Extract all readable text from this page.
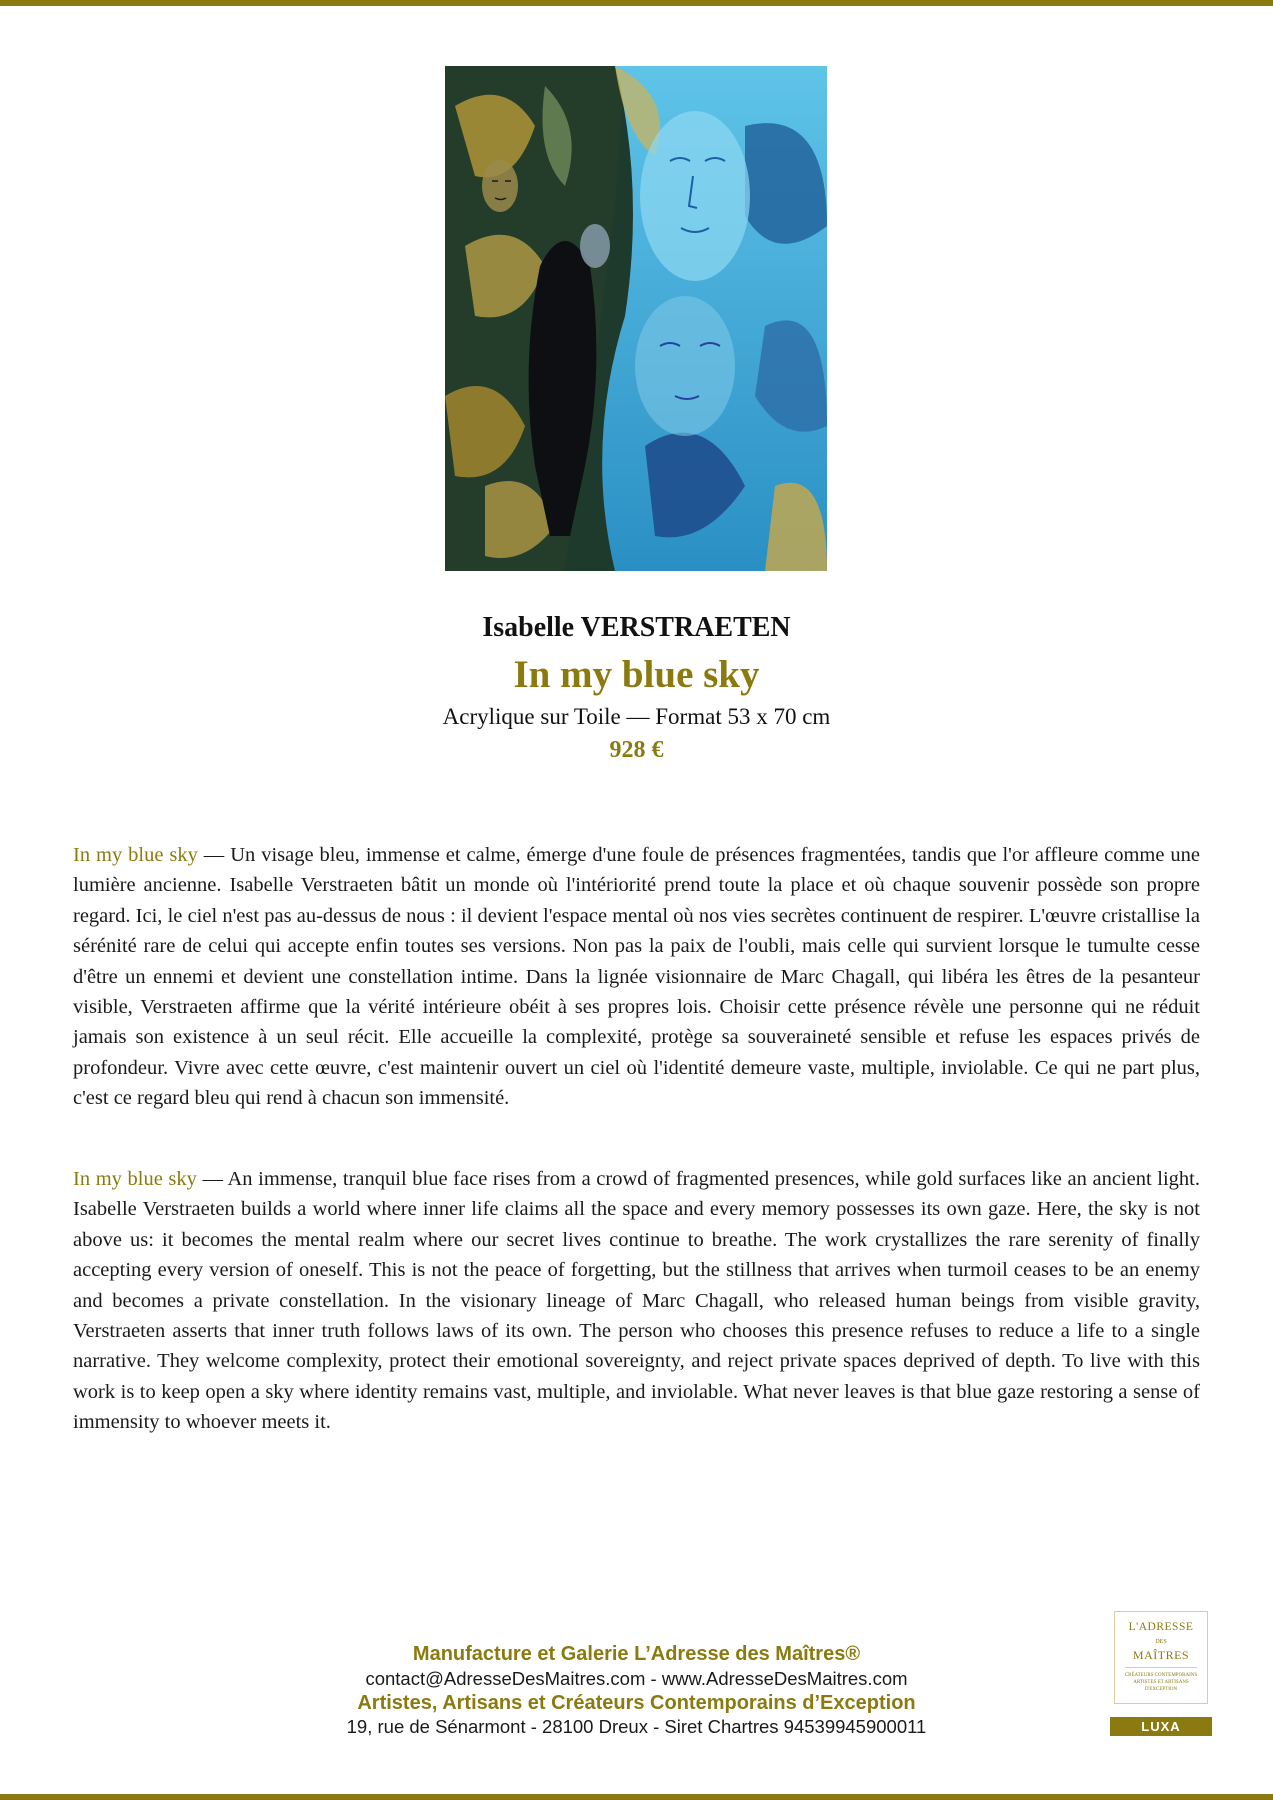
Isabelle VERSTRAETEN
In my blue sky
Acrylique sur Toile — Format 53 x 70 cm
928 €

In my blue sky — Un visage bleu, immense et calme, émerge d'une foule de présences fragmentées, tandis que l'or affleure comme une lumière ancienne. Isabelle Verstraeten bâtit un monde où l'intériorité prend toute la place et où chaque souvenir possède son propre regard. Ici, le ciel n'est pas au-dessus de nous : il devient l'espace mental où nos vies secrètes continuent de respirer. L'œuvre cristallise la sérénité rare de celui qui accepte enfin toutes ses versions. Non pas la paix de l'oubli, mais celle qui survient lorsque le tumulte cesse d'être un ennemi et devient une constellation intime. Dans la lignée visionnaire de Marc Chagall, qui libéra les êtres de la pesanteur visible, Verstraeten affirme que la vérité intérieure obéit à ses propres lois. Choisir cette présence révèle une personne qui ne réduit jamais son existence à un seul récit. Elle accueille la complexité, protège sa souveraineté sensible et refuse les espaces privés de profondeur. Vivre avec cette œuvre, c'est maintenir ouvert un ciel où l'identité demeure vaste, multiple, inviolable. Ce qui ne part plus, c'est ce regard bleu qui rend à chacun son immensité.

In my blue sky — An immense, tranquil blue face rises from a crowd of fragmented presences, while gold surfaces like an ancient light. Isabelle Verstraeten builds a world where inner life claims all the space and every memory possesses its own gaze. Here, the sky is not above us: it becomes the mental realm where our secret lives continue to breathe. The work crystallizes the rare serenity of finally accepting every version of oneself. This is not the peace of forgetting, but the stillness that arrives when turmoil ceases to be an enemy and becomes a private constellation. In the visionary lineage of Marc Chagall, who released human beings from visible gravity, Verstraeten asserts that inner truth follows laws of its own. The person who chooses this presence refuses to reduce a life to a single narrative. They welcome complexity, protect their emotional sovereignty, and reject private spaces deprived of depth. To live with this work is to keep open a sky where identity remains vast, multiple, and inviolable. What never leaves is that blue gaze restoring a sense of immensity to whoever meets it.

Manufacture et Galerie L’Adresse des Maîtres®
contact@AdresseDesMaitres.com - www.AdresseDesMaitres.com
Artistes, Artisans et Créateurs Contemporains d’Exception
19, rue de Sénarmont - 28100 Dreux - Siret Chartres 94539945900011
L'ADRESSE
DES
MAÎTRES
CRÉATEURS CONTEMPORAINS ARTISTES ET ARTISANS D'EXCEPTION
LUXA
